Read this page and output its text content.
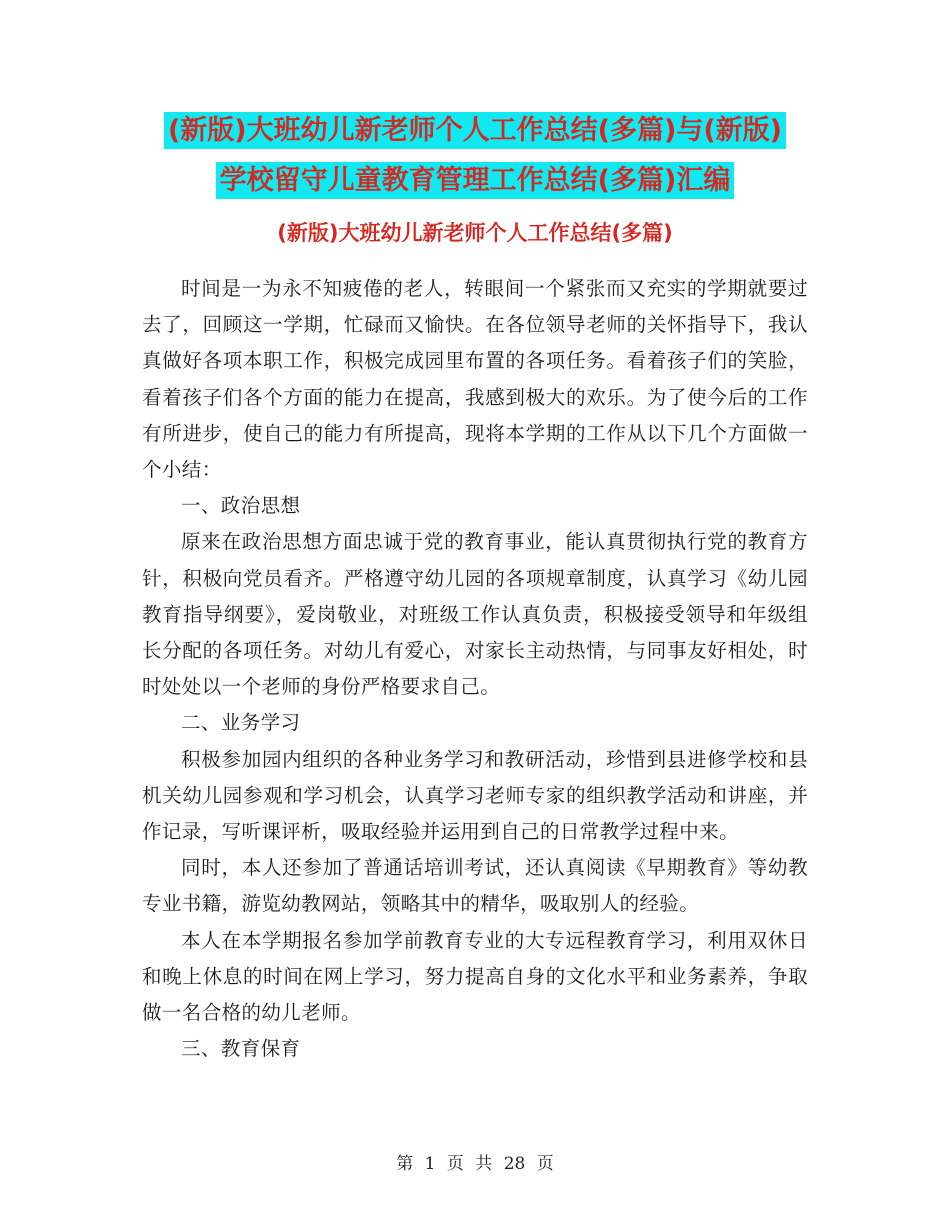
(新版)大班幼儿新老师个人工作总结(多篇)与(新版)
学校留守儿童教育管理工作总结(多篇)汇编
(新版)大班幼儿新老师个人工作总结(多篇)

时间是一为永不知疲倦的老人，转眼间一个紧张而又充实的学期就要过去了，回顾这一学期，忙碌而又愉快。在各位领导老师的关怀指导下，我认真做好各项本职工作，积极完成园里布置的各项任务。看着孩子们的笑脸，看着孩子们各个方面的能力在提高，我感到极大的欢乐。为了使今后的工作有所进步，使自己的能力有所提高，现将本学期的工作从以下几个方面做一个小结：

一、政治思想

原来在政治思想方面忠诚于党的教育事业，能认真贯彻执行党的教育方针，积极向党员看齐。严格遵守幼儿园的各项规章制度，认真学习《幼儿园教育指导纲要》，爱岗敬业，对班级工作认真负责，积极接受领导和年级组长分配的各项任务。对幼儿有爱心，对家长主动热情，与同事友好相处，时时处处以一个老师的身份严格要求自己。

二、业务学习

积极参加园内组织的各种业务学习和教研活动，珍惜到县进修学校和县机关幼儿园参观和学习机会，认真学习老师专家的组织教学活动和讲座，并作记录，写听课评析，吸取经验并运用到自己的日常教学过程中来。

同时，本人还参加了普通话培训考试，还认真阅读《早期教育》等幼教专业书籍，游览幼教网站，领略其中的精华，吸取别人的经验。

本人在本学期报名参加学前教育专业的大专远程教育学习，利用双休日和晚上休息的时间在网上学习，努力提高自身的文化水平和业务素养，争取做一名合格的幼儿老师。

三、教育保育

第 1 页 共 28 页
